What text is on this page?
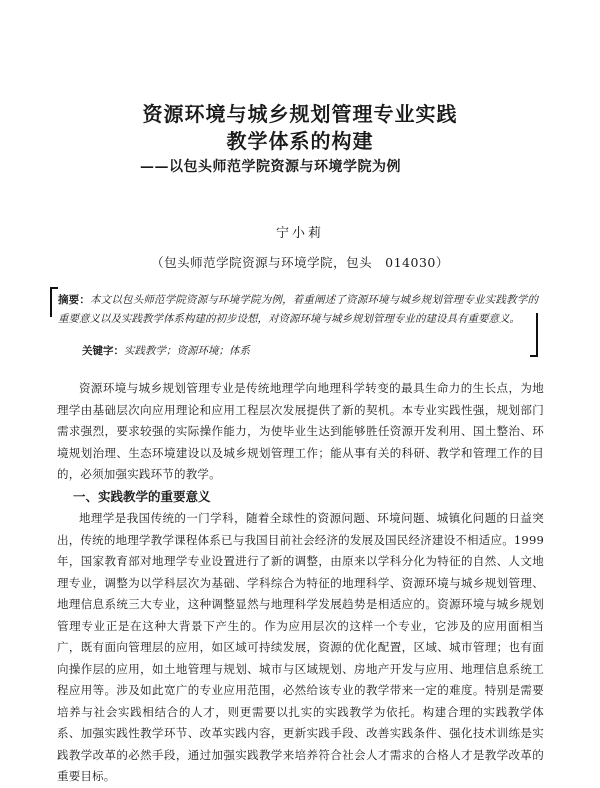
资源环境与城乡规划管理专业实践
教学体系的构建
——以包头师范学院资源与环境学院为例
宁小莉
（包头师范学院资源与环境学院，包头　014030）
摘要：本文以包头师范学院资源与环境学院为例，着重阐述了资源环境与城乡规划管理专业实践教学的重要意义以及实践教学体系构建的初步设想，对资源环境与城乡规划管理专业的建设具有重要意义。
关键字：实践教学；资源环境；体系
资源环境与城乡规划管理专业是传统地理学向地理科学转变的最具生命力的生长点，为地理学由基础层次向应用理论和应用工程层次发展提供了新的契机。本专业实践性强，规划部门需求强烈，要求较强的实际操作能力，为使毕业生达到能够胜任资源开发利用、国土整治、环境规划治理、生态环境建设以及城乡规划管理工作；能从事有关的科研、教学和管理工作的目的，必须加强实践环节的教学。
一、实践教学的重要意义
地理学是我国传统的一门学科，随着全球性的资源问题、环境问题、城镇化问题的日益突出，传统的地理学教学课程体系已与我国目前社会经济的发展及国民经济建设不相适应。1999年，国家教育部对地理学专业设置进行了新的调整，由原来以学科分化为特征的自然、人文地理专业，调整为以学科层次为基础、学科综合为特征的地理科学、资源环境与城乡规划管理、地理信息系统三大专业，这种调整显然与地理科学发展趋势是相适应的。资源环境与城乡规划管理专业正是在这种大背景下产生的。作为应用层次的这样一个专业，它涉及的应用面相当广，既有面向管理层的应用，如区域可持续发展，资源的优化配置，区域、城市管理；也有面向操作层的应用，如土地管理与规划、城市与区域规划、房地产开发与应用、地理信息系统工程应用等。涉及如此宽广的专业应用范围，必然给该专业的教学带来一定的难度。特别是需要培养与社会实践相结合的人才，则更需要以扎实的实践教学为依托。构建合理的实践教学体系、加强实践性教学环节、改革实践内容，更新实践手段、改善实践条件、强化技术训练是实践教学改革的必然手段，通过加强实践教学来培养符合社会人才需求的合格人才是教学改革的重要目标。
